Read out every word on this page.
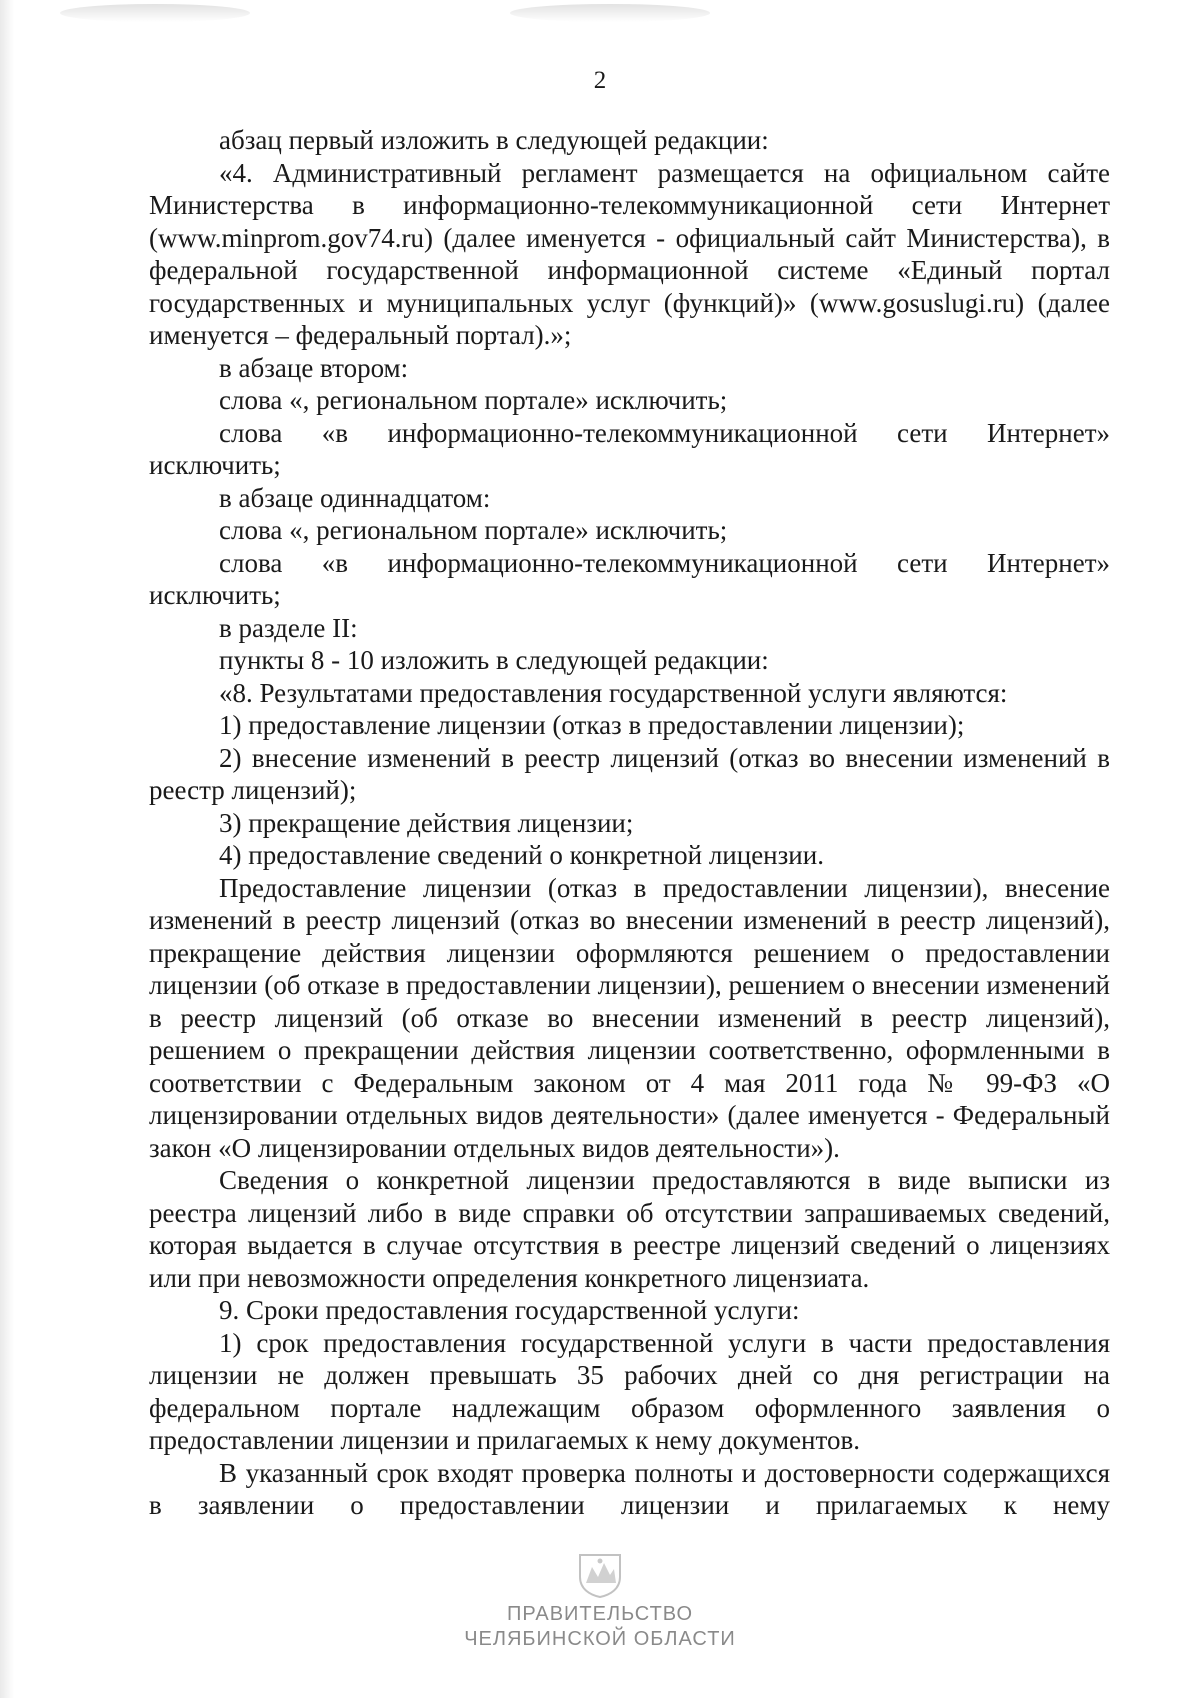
2

абзац первый изложить в следующей редакции:

«4. Административный регламент размещается на официальном сайте Министерства в информационно-телекоммуникационной сети Интернет (www.minprom.gov74.ru) (далее именуется - официальный сайт Министерства), в федеральной государственной информационной системе «Единый портал государственных и муниципальных услуг (функций)» (www.gosuslugi.ru) (далее именуется – федеральный портал).»;

в абзаце втором:

слова «, региональном портале» исключить;

слова «в информационно-телекоммуникационной сети Интернет» исключить;

в абзаце одиннадцатом:

слова «, региональном портале» исключить;

слова «в информационно-телекоммуникационной сети Интернет» исключить;

в разделе II:

пункты 8 - 10 изложить в следующей редакции:

«8. Результатами предоставления государственной услуги являются:

1) предоставление лицензии (отказ в предоставлении лицензии);

2) внесение изменений в реестр лицензий (отказ во внесении изменений в реестр лицензий);

3) прекращение действия лицензии;

4) предоставление сведений о конкретной лицензии.

Предоставление лицензии (отказ в предоставлении лицензии), внесение изменений в реестр лицензий (отказ во внесении изменений в реестр лицензий), прекращение действия лицензии оформляются решением о предоставлении лицензии (об отказе в предоставлении лицензии), решением о внесении изменений в реестр лицензий (об отказе во внесении изменений в реестр лицензий), решением о прекращении действия лицензии соответственно, оформленными в соответствии с Федеральным законом от 4 мая 2011 года № 99-ФЗ «О лицензировании отдельных видов деятельности» (далее именуется - Федеральный закон «О лицензировании отдельных видов деятельности»).

Сведения о конкретной лицензии предоставляются в виде выписки из реестра лицензий либо в виде справки об отсутствии запрашиваемых сведений, которая выдается в случае отсутствия в реестре лицензий сведений о лицензиях или при невозможности определения конкретного лицензиата.

9. Сроки предоставления государственной услуги:

1) срок предоставления государственной услуги в части предоставления лицензии не должен превышать 35 рабочих дней со дня регистрации на федеральном портале надлежащим образом оформленного заявления о предоставлении лицензии и прилагаемых к нему документов.

В указанный срок входят проверка полноты и достоверности содержащихся в заявлении о предоставлении лицензии и прилагаемых к нему

ПРАВИТЕЛЬСТВО
ЧЕЛЯБИНСКОЙ ОБЛАСТИ
